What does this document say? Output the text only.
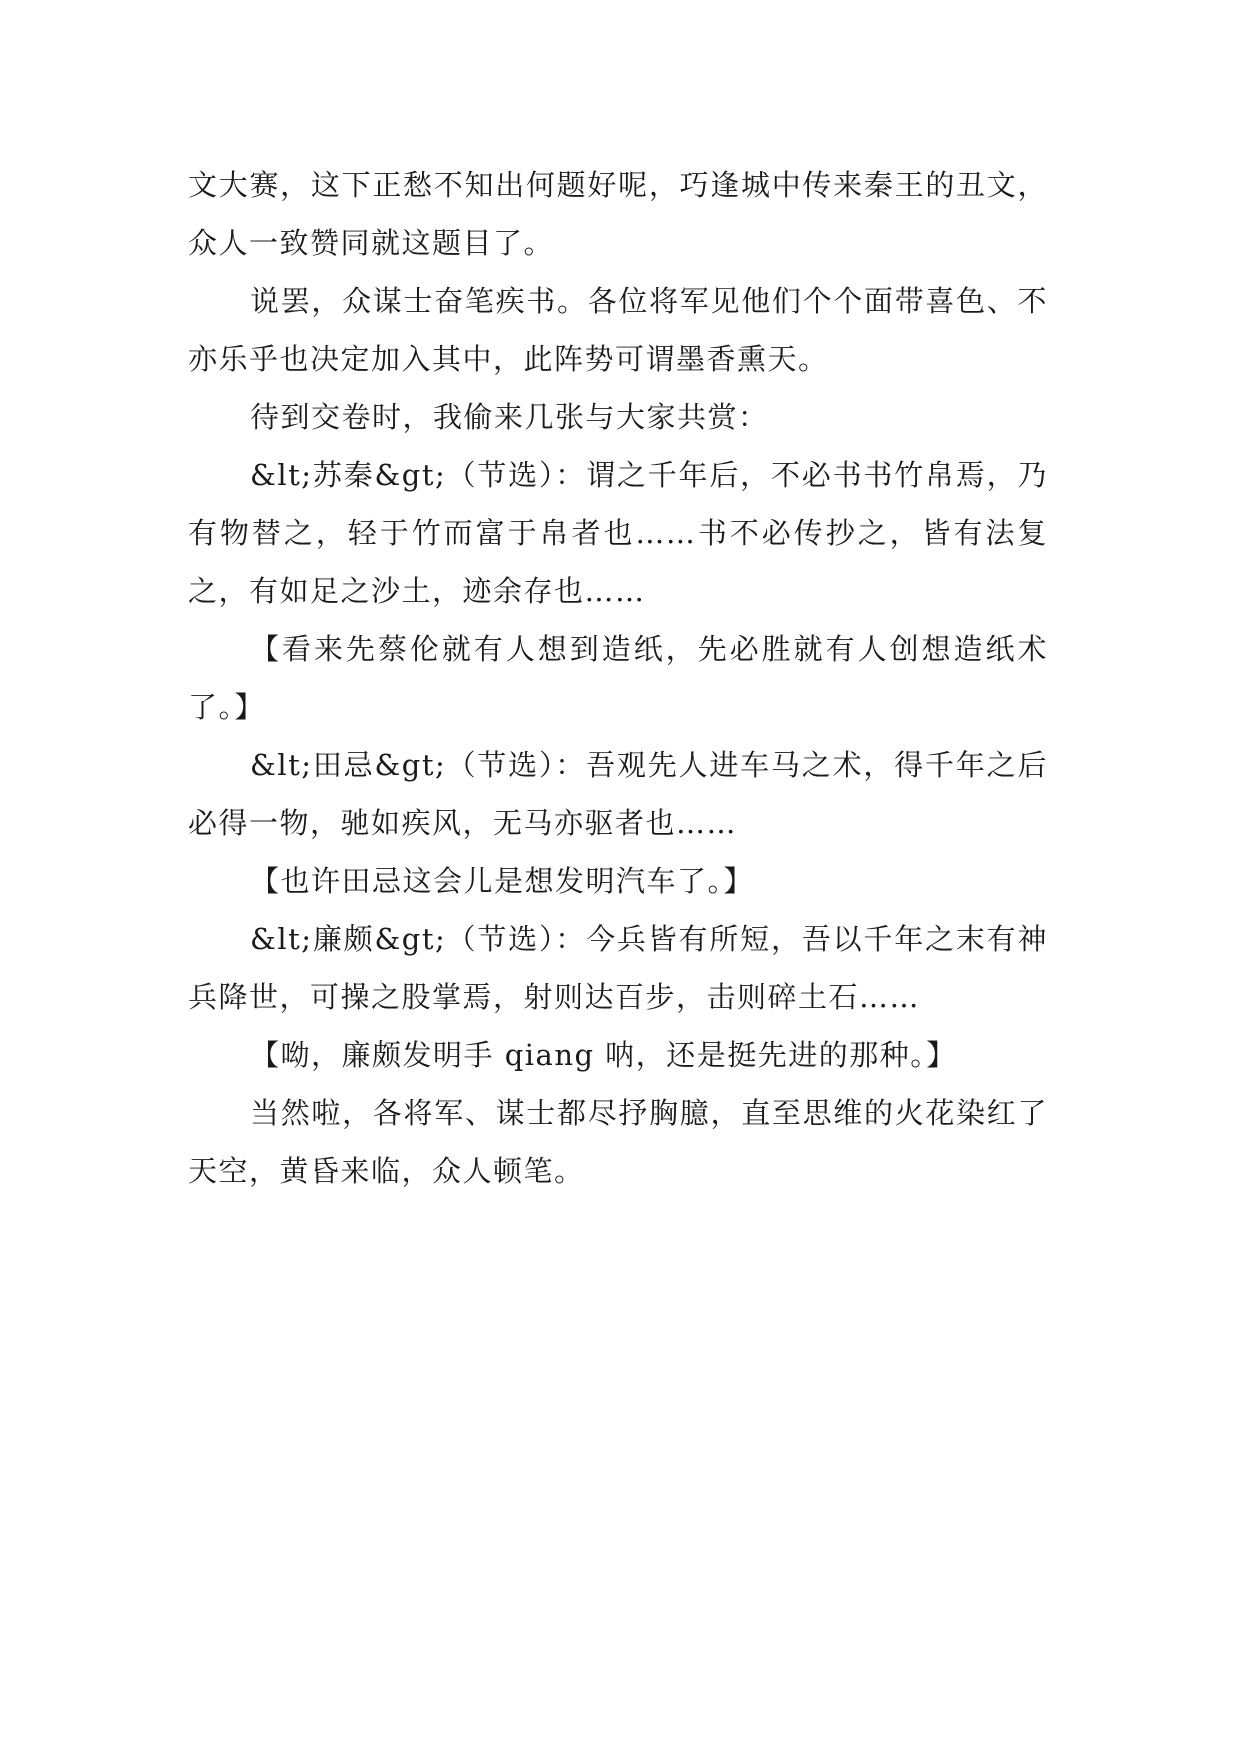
文大赛，这下正愁不知出何题好呢，巧逢城中传来秦王的丑文，众人一致赞同就这题目了。

说罢，众谋士奋笔疾书。各位将军见他们个个面带喜色、不亦乐乎也决定加入其中，此阵势可谓墨香熏天。

待到交卷时，我偷来几张与大家共赏：

&lt;苏秦&gt;（节选）：谓之千年后，不必书书竹帛焉，乃有物替之，轻于竹而富于帛者也……书不必传抄之，皆有法复之，有如足之沙土，迹余存也……

【看来先蔡伦就有人想到造纸，先必胜就有人创想造纸术了。】

&lt;田忌&gt;（节选）：吾观先人进车马之术，得千年之后必得一物，驰如疾风，无马亦驱者也……

【也许田忌这会儿是想发明汽车了。】

&lt;廉颇&gt;（节选）：今兵皆有所短，吾以千年之末有神兵降世，可操之股掌焉，射则达百步，击则碎土石……

【呦，廉颇发明手 qiang 呐，还是挺先进的那种。】

当然啦，各将军、谋士都尽抒胸臆，直至思维的火花染红了天空，黄昏来临，众人顿笔。
